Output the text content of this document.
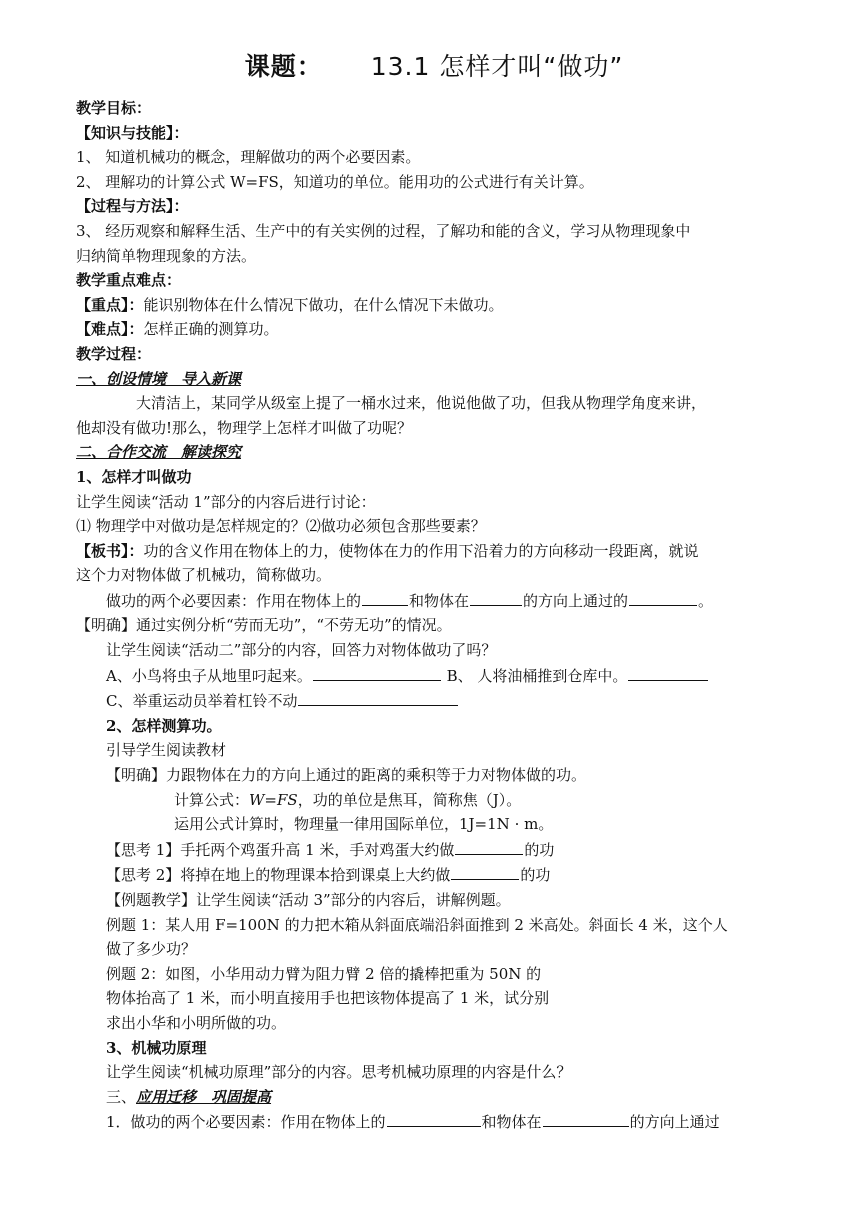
课题： 13.1 怎样才叫“做功”
教学目标：
【知识与技能】：
1、 知道机械功的概念，理解做功的两个必要因素。
2、 理解功的计算公式 W=FS，知道功的单位。能用功的公式进行有关计算。
【过程与方法】：
3、 经历观察和解释生活、生产中的有关实例的过程，了解功和能的含义，学习从物理现象中
归纳简单物理现象的方法。
教学重点难点：
【重点】：能识别物体在什么情况下做功，在什么情况下未做功。
【难点】：怎样正确的测算功。
教学过程：
一、创设情境　导入新课
大清洁上，某同学从级室上提了一桶水过来，他说他做了功，但我从物理学角度来讲，
他却没有做功!那么，物理学上怎样才叫做了功呢？
二、合作交流　解读探究
1、怎样才叫做功
让学生阅读“活动 1”部分的内容后进行讨论：
⑴ 物理学中对做功是怎样规定的？⑵做功必须包含那些要素？
【板书】：功的含义作用在物体上的力，使物体在力的作用下沿着力的方向移动一段距离，就说
这个力对物体做了机械功，简称做功。
做功的两个必要因素：作用在物体上的	和物体在	的方向上通过的	。
【明确】通过实例分析“劳而无功”，“不劳无功”的情况。
让学生阅读“活动二”部分的内容，回答力对物体做功了吗？
A、小鸟将虫子从地里叼起来。	B、 人将油桶推到仓库中。
C、举重运动员举着杠铃不动
2、怎样测算功。
引导学生阅读教材
【明确】力跟物体在力的方向上通过的距离的乘积等于力对物体做的功。
计算公式：W=FS，功的单位是焦耳，简称焦（J）。
运用公式计算时，物理量一律用国际单位，1J=1N · m。
【思考 1】手托两个鸡蛋升高 1 米，手对鸡蛋大约做	的功
【思考 2】将掉在地上的物理课本拾到课桌上大约做	的功
【例题教学】让学生阅读“活动 3”部分的内容后，讲解例题。
例题 1：某人用 F=100N 的力把木箱从斜面底端沿斜面推到 2 米高处。斜面长 4 米，这个人
做了多少功？
例题 2：如图，小华用动力臂为阻力臂 2 倍的撬棒把重为 50N 的
物体抬高了 1 米，而小明直接用手也把该物体提高了 1 米，试分别
求出小华和小明所做的功。
3、机械功原理
让学生阅读“机械功原理”部分的内容。思考机械功原理的内容是什么？
三、应用迁移　巩固提高
1．做功的两个必要因素：作用在物体上的	和物体在	的方向上通过
